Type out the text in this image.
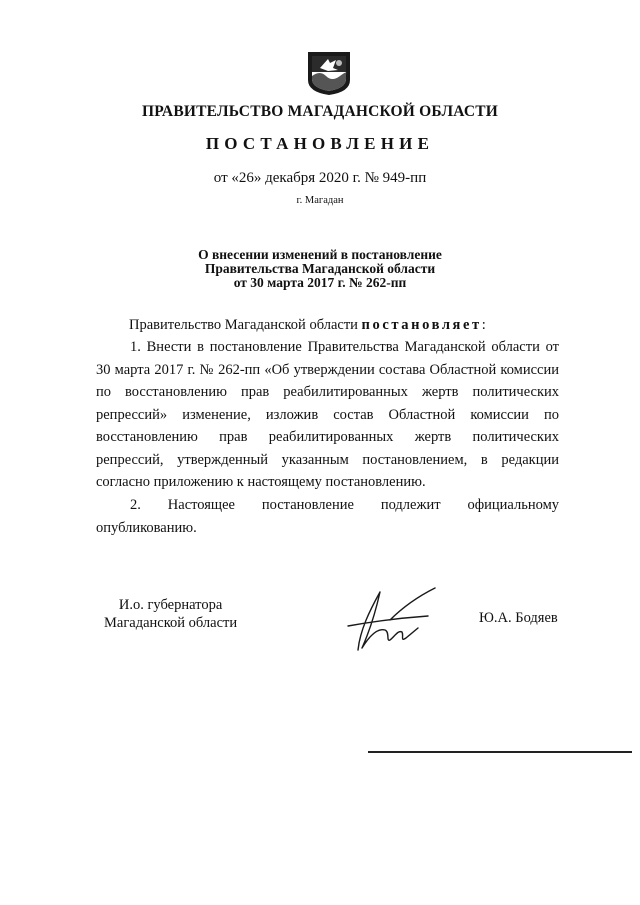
ПРАВИТЕЛЬСТВО МАГАДАНСКОЙ ОБЛАСТИ
ПОСТАНОВЛЕНИЕ
от «26» декабря 2020 г. № 949-пп
г. Магадан
О внесении изменений в постановление
Правительства Магаданской области
от 30 марта 2017 г. № 262-пп
Правительство Магаданской области постановляет:
1. Внести в постановление Правительства Магаданской области от 30 марта 2017 г. № 262-пп «Об утверждении состава Областной комиссии по восстановлению прав реабилитированных жертв политических репрессий» изменение, изложив состав Областной комиссии по восстановлению прав реабилитированных жертв политических репрессий, утвержденный указанным постановлением, в редакции согласно приложению к настоящему постановлению.
2. Настоящее постановление подлежит официальному опубликованию.
И.о. губернатора
Магаданской области	Ю.А. Бодяев
